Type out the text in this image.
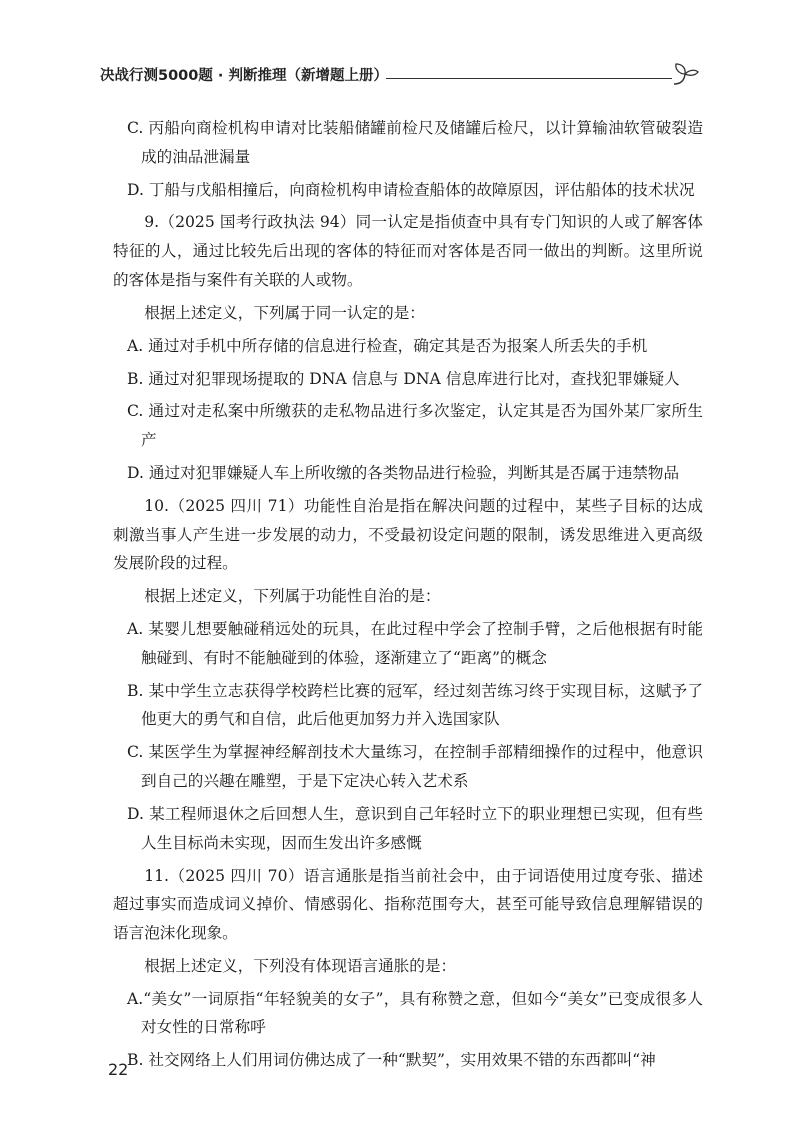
决战行测5000题 · 判断推理（新增题上册）

C. 丙船向商检机构申请对比装船储罐前检尺及储罐后检尺，以计算输油软管破裂造成的油品泄漏量

D. 丁船与戊船相撞后，向商检机构申请检查船体的故障原因，评估船体的技术状况

9.（2025 国考行政执法 94）同一认定是指侦查中具有专门知识的人或了解客体特征的人，通过比较先后出现的客体的特征而对客体是否同一做出的判断。这里所说的客体是指与案件有关联的人或物。

根据上述定义，下列属于同一认定的是：

A. 通过对手机中所存储的信息进行检查，确定其是否为报案人所丢失的手机

B. 通过对犯罪现场提取的 DNA 信息与 DNA 信息库进行比对，查找犯罪嫌疑人

C. 通过对走私案中所缴获的走私物品进行多次鉴定，认定其是否为国外某厂家所生产

D. 通过对犯罪嫌疑人车上所收缴的各类物品进行检验，判断其是否属于违禁物品

10.（2025 四川 71）功能性自治是指在解决问题的过程中，某些子目标的达成刺激当事人产生进一步发展的动力，不受最初设定问题的限制，诱发思维进入更高级发展阶段的过程。

根据上述定义，下列属于功能性自治的是：

A. 某婴儿想要触碰稍远处的玩具，在此过程中学会了控制手臂，之后他根据有时能触碰到、有时不能触碰到的体验，逐渐建立了“距离”的概念

B. 某中学生立志获得学校跨栏比赛的冠军，经过刻苦练习终于实现目标，这赋予了他更大的勇气和自信，此后他更加努力并入选国家队

C. 某医学生为掌握神经解剖技术大量练习，在控制手部精细操作的过程中，他意识到自己的兴趣在雕塑，于是下定决心转入艺术系

D. 某工程师退休之后回想人生，意识到自己年轻时立下的职业理想已实现，但有些人生目标尚未实现，因而生发出许多感慨

11.（2025 四川 70）语言通胀是指当前社会中，由于词语使用过度夸张、描述超过事实而造成词义掉价、情感弱化、指称范围夸大，甚至可能导致信息理解错误的语言泡沫化现象。

根据上述定义，下列没有体现语言通胀的是：

A.“美女”一词原指“年轻貌美的女子”，具有称赞之意，但如今“美女”已变成很多人对女性的日常称呼

B. 社交网络上人们用词仿佛达成了一种“默契”，实用效果不错的东西都叫“神

22
